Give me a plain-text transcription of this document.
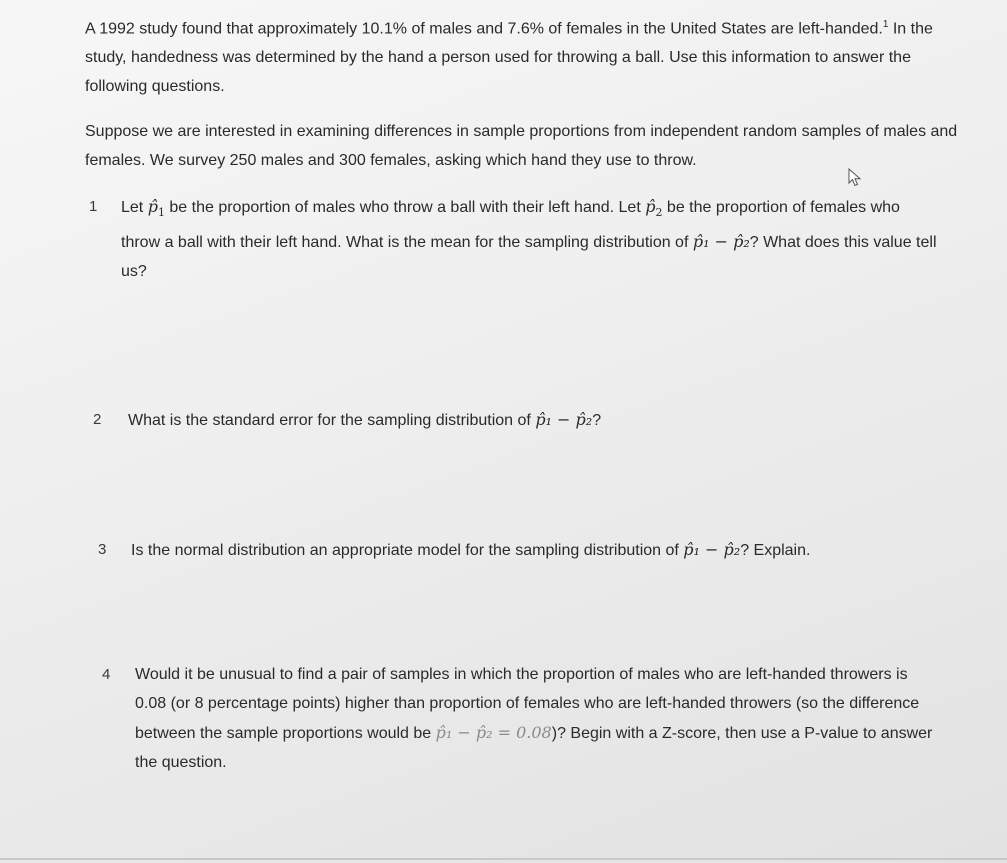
A 1992 study found that approximately 10.1% of males and 7.6% of females in the United States are left-handed.$^1$ In the study, handedness was determined by the hand a person used for throwing a ball. Use this information to answer the following questions.
Suppose we are interested in examining differences in sample proportions from independent random samples of males and females. We survey 250 males and 300 females, asking which hand they use to throw.
1 Let $p̂_1$ be the proportion of males who throw a ball with their left hand. Let $p̂_2$ be the proportion of females who throw a ball with their left hand. What is the mean for the sampling distribution of p̂₁ − p̂₂? What does this value tell us?
2 What is the standard error for the sampling distribution of p̂₁ − p̂₂?
3 Is the normal distribution an appropriate model for the sampling distribution of p̂₁ − p̂₂? Explain.
4 Would it be unusual to find a pair of samples in which the proportion of males who are left-handed throwers is 0.08 (or 8 percentage points) higher than proportion of females who are left-handed throwers (so the difference between the sample proportions would be p̂₁ − p̂₂ = 0.08)? Begin with a Z-score, then use a P-value to answer the question.
